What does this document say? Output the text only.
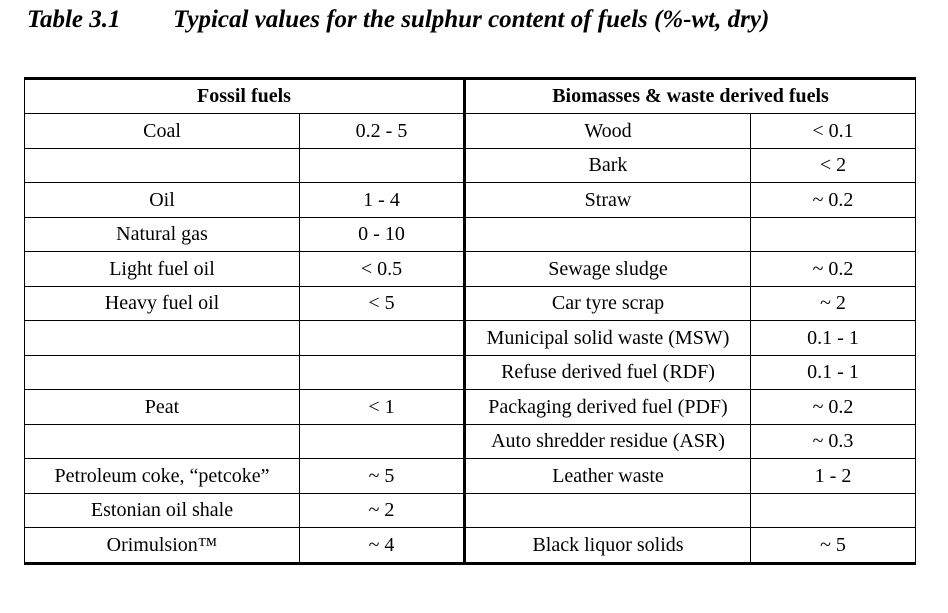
Table 3.1 Typical values for the sulphur content of fuels (%-wt, dry)
Fossil fuels		Biomasses & waste derived fuels	
Coal	0.2 - 5	Wood	< 0.1
		Bark	< 2
Oil	1 - 4	Straw	~ 0.2
Natural gas	0 - 10		
Light fuel oil	< 0.5	Sewage sludge	~ 0.2
Heavy fuel oil	< 5	Car tyre scrap	~ 2
		Municipal solid waste (MSW)	0.1 - 1
		Refuse derived fuel (RDF)	0.1 - 1
Peat	< 1	Packaging derived fuel (PDF)	~ 0.2
		Auto shredder residue (ASR)	~ 0.3
Petroleum coke, “petcoke”	~ 5	Leather waste	1 - 2
Estonian oil shale	~ 2		
Orimulsion™	~ 4	Black liquor solids	~ 5
